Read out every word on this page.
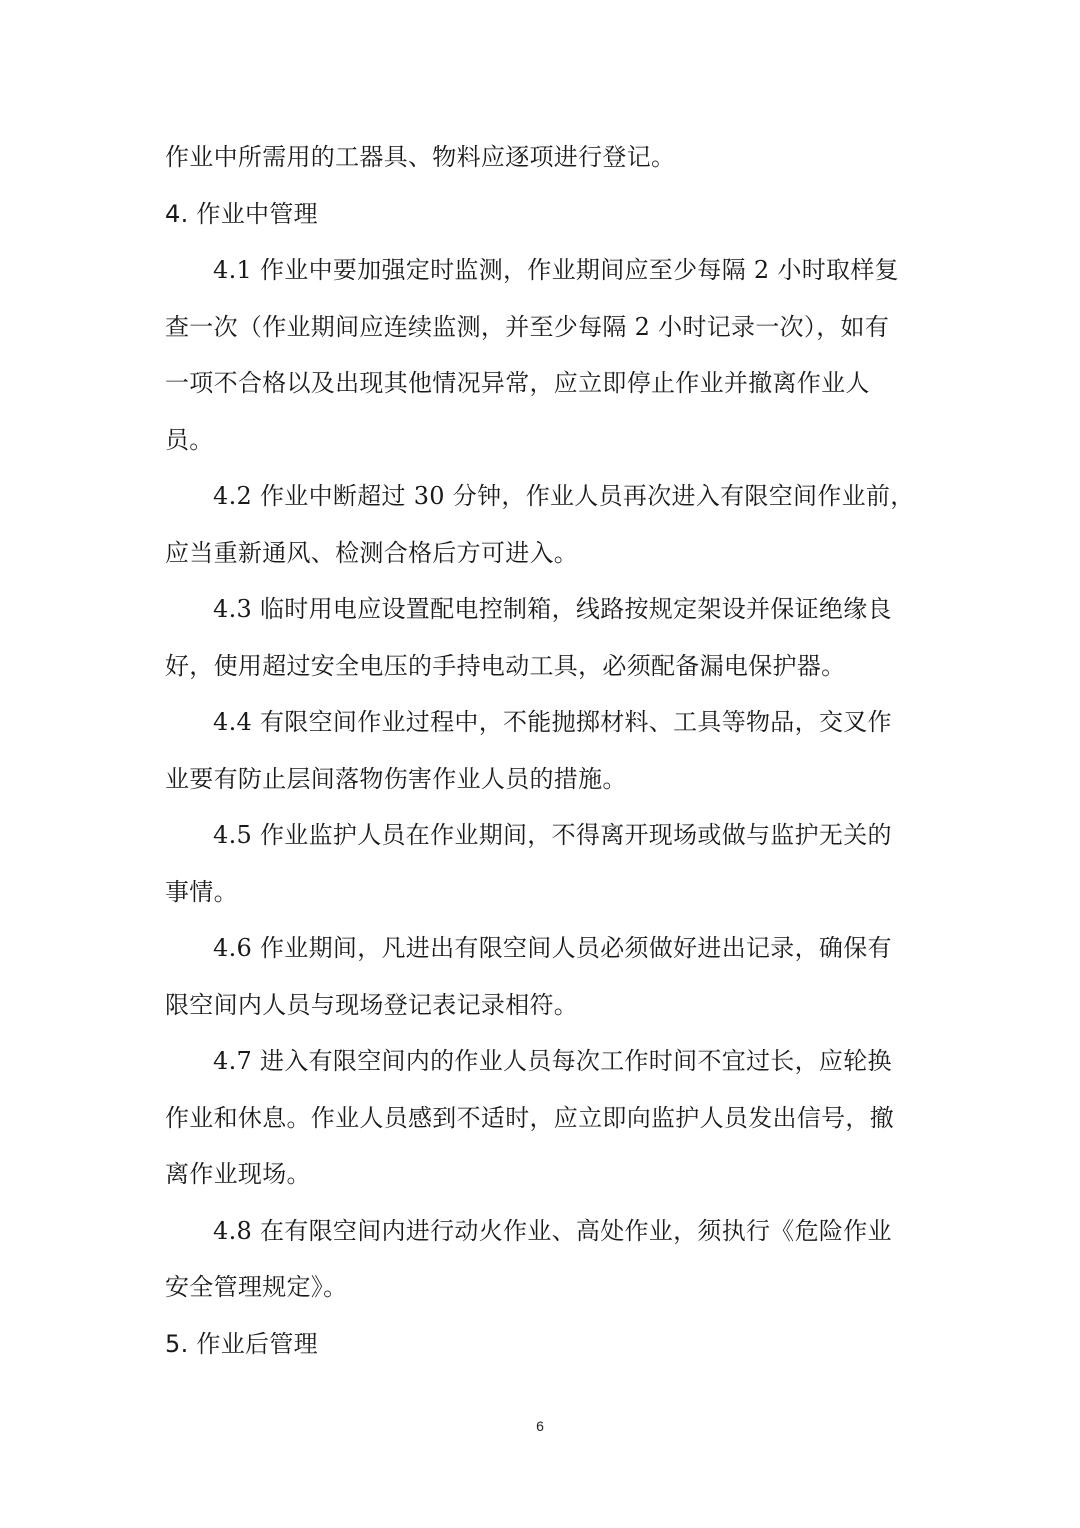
作业中所需用的工器具、物料应逐项进行登记。
4. 作业中管理
4.1 作业中要加强定时监测，作业期间应至少每隔 2 小时取样复
查一次（作业期间应连续监测，并至少每隔 2 小时记录一次），如有
一项不合格以及出现其他情况异常，应立即停止作业并撤离作业人
员。
4.2 作业中断超过 30 分钟，作业人员再次进入有限空间作业前，
应当重新通风、检测合格后方可进入。
4.3 临时用电应设置配电控制箱，线路按规定架设并保证绝缘良
好，使用超过安全电压的手持电动工具，必须配备漏电保护器。
4.4 有限空间作业过程中，不能抛掷材料、工具等物品，交叉作
业要有防止层间落物伤害作业人员的措施。
4.5 作业监护人员在作业期间，不得离开现场或做与监护无关的
事情。
4.6 作业期间，凡进出有限空间人员必须做好进出记录，确保有
限空间内人员与现场登记表记录相符。
4.7 进入有限空间内的作业人员每次工作时间不宜过长，应轮换
作业和休息。作业人员感到不适时，应立即向监护人员发出信号，撤
离作业现场。
4.8 在有限空间内进行动火作业、高处作业，须执行《危险作业
安全管理规定》。
5. 作业后管理
6
